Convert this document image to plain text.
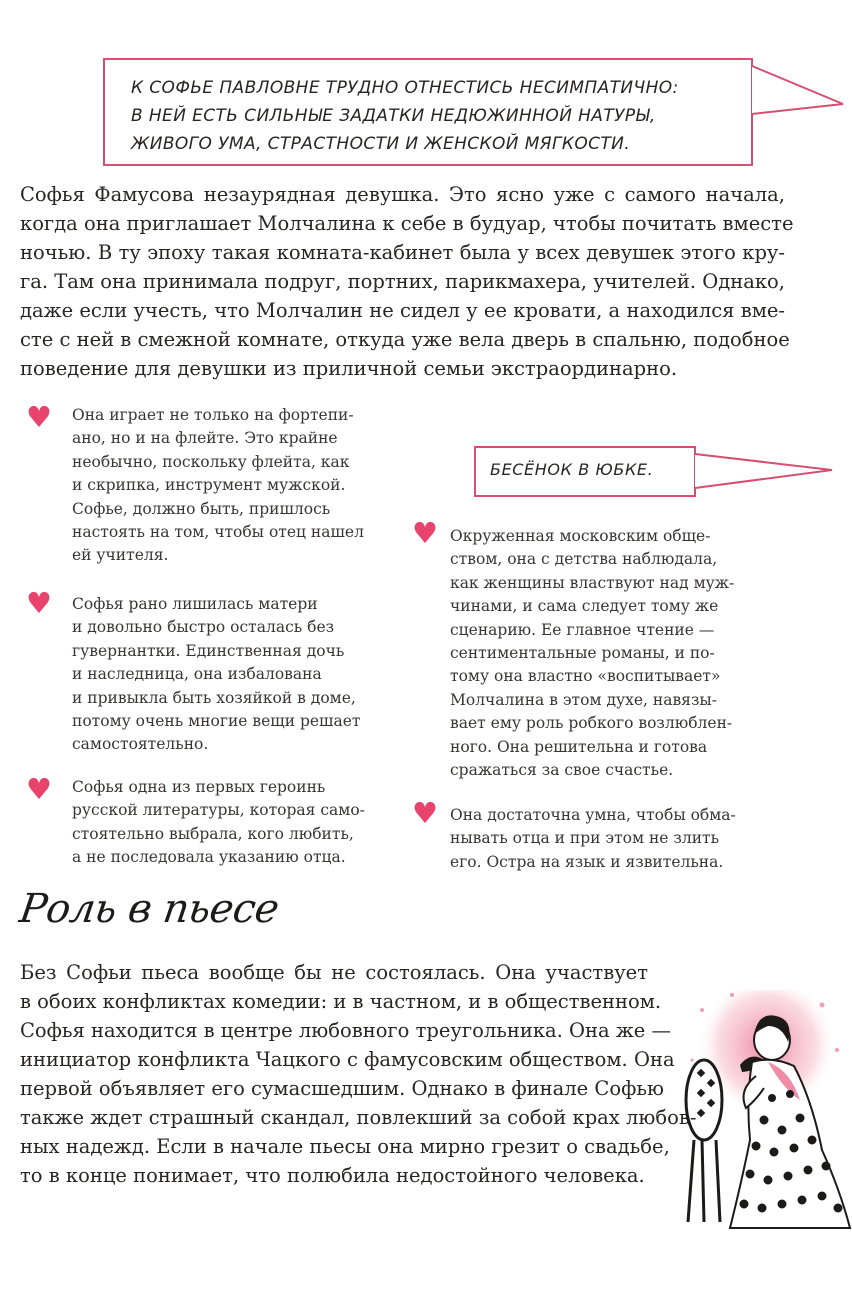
К СОФЬЕ ПАВЛОВНЕ ТРУДНО ОТНЕСТИСЬ НЕСИМПАТИЧНО:
В НЕЙ ЕСТЬ СИЛЬНЫЕ ЗАДАТКИ НЕДЮЖИННОЙ НАТУРЫ,
ЖИВОГО УМА, СТРАСТНОСТИ И ЖЕНСКОЙ МЯГКОСТИ.
Софья Фамусова незаурядная девушка. Это ясно уже с самого начала,
когда она приглашает Молчалина к себе в будуар, чтобы почитать вместе
ночью. В ту эпоху такая комната-кабинет была у всех девушек этого кру-
га. Там она принимала подруг, портних, парикмахера, учителей. Однако,
даже если учесть, что Молчалин не сидел у ее кровати, а находился вме-
сте с ней в смежной комнате, откуда уже вела дверь в спальню, подобное
поведение для девушки из приличной семьи экстраординарно.
БЕСЁНОК В ЮБКЕ.
♥ Она играет не только на фортепи-
ано, но и на флейте. Это крайне
необычно, поскольку флейта, как
и скрипка, инструмент мужской.
Софье, должно быть, пришлось
настоять на том, чтобы отец нашел
ей учителя.
♥ Софья рано лишилась матери
и довольно быстро осталась без
гувернантки. Единственная дочь
и наследница, она избалована
и привыкла быть хозяйкой в доме,
потому очень многие вещи решает
самостоятельно.
♥ Софья одна из первых героинь
русской литературы, которая само-
стоятельно выбрала, кого любить,
а не последовала указанию отца.
♥ Окруженная московским обще-
ством, она с детства наблюдала,
как женщины властвуют над муж-
чинами, и сама следует тому же
сценарию. Ее главное чтение —
сентиментальные романы, и по-
тому она властно «воспитывает»
Молчалина в этом духе, навязы-
вает ему роль робкого возлюблен-
ного. Она решительна и готова
сражаться за свое счастье.
♥ Она достаточна умна, чтобы обма-
нывать отца и при этом не злить
его. Остра на язык и язвительна.
Роль в пьесе
Без Софьи пьеса вообще бы не состоялась. Она участвует
в обоих конфликтах комедии: и в частном, и в общественном.
Софья находится в центре любовного треугольника. Она же —
инициатор конфликта Чацкого с фамусовским обществом. Она
первой объявляет его сумасшедшим. Однако в финале Софью
также ждет страшный скандал, повлекший за собой крах любов-
ных надежд. Если в начале пьесы она мирно грезит о свадьбе,
то в конце понимает, что полюбила недостойного человека.
